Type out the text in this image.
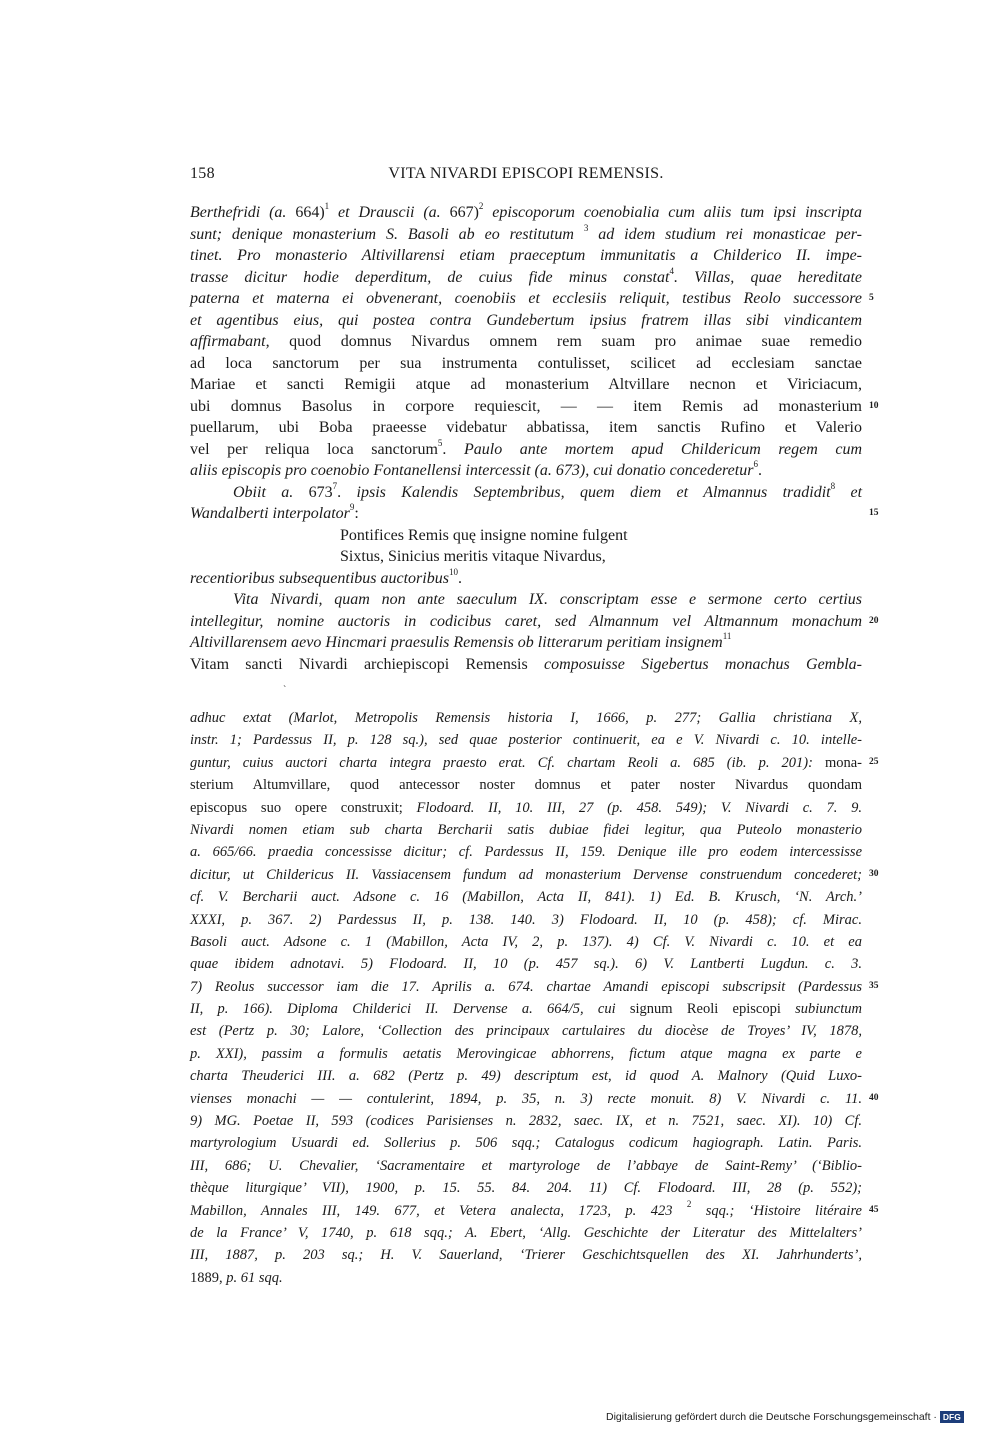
158	VITA NIVARDI EPISCOPI REMENSIS.
Berthefridi (a. 664)$^1$ et Drauscii (a. 667)$^2$ episcoporum coenobialia cum aliis tum ipsi inscripta
sunt; denique monasterium S. Basoli ab eo restitutum $^3$ ad idem studium rei monasticae per-
tinet. Pro monasterio Altivillarensi etiam praeceptum immunitatis a Childerico II. impe-
trasse dicitur hodie deperditum, de cuius fide minus constat$^4$. Villas, quae hereditate
paterna et materna ei obvenerant, coenobiis et ecclesiis reliquit, testibus Reolo successore
et agentibus eius, qui postea contra Gundebertum ipsius fratrem illas sibi vindicantem
affirmabant, quod domnus Nivardus omnem rem suam pro animae suae remedio
ad loca sanctorum per sua instrumenta contulisset, scilicet ad ecclesiam sanctae
Mariae et sancti Remigii atque ad monasterium Altvillare necnon et Viriciacum,
ubi domnus Basolus in corpore requiescit, — — item Remis ad monasterium
puellarum, ubi Boba praeesse videbatur abbatissa, item sanctis Rufino et Valerio
vel per reliqua loca sanctorum$^5$. Paulo ante mortem apud Childericum regem cum
aliis episcopis pro coenobio Fontanellensi intercessit (a. 673), cui donatio concederetur$^6$.
Obiit a. $673^7$. ipsis Kalendis Septembribus, quem diem et Almannus tradidit$^8$ et
Wandalberti interpolator$^9$:
Pontifices Remis quę insigne nomine fulgent
Sixtus, Sinicius meritis vitaque Nivardus,
recentioribus subsequentibus auctoribus$^{10}$.
Vita Nivardi, quam non ante saeculum IX. conscriptam esse e sermone certo certius
intellegitur, nomine auctoris in codicibus caret, sed Almannum vel Altmannum monachum
Altivillarensem aevo Hincmari praesulis Remensis ob litterarum peritiam insignem$^{11}$
Vitam sancti Nivardi archiepiscopi Remensis composuisse Sigebertus monachus Gembla-
ˋ
adhuc extat (Marlot, Metropolis Remensis historia I, 1666, p. 277; Gallia christiana X,
instr. 1; Pardessus II, p. 128 sq.), sed quae posterior continuerit, ea e V. Nivardi c. 10. intelle-
guntur, cuius auctori charta integra praesto erat. Cf. chartam Reoli a. 685 (ib. p. 201): mona-
sterium Altumvillare, quod antecessor noster domnus et pater noster Nivardus quondam
episcopus suo opere construxit; Flodoard. II, 10. III, 27 (p. 458. 549); V. Nivardi c. 7. 9.
Nivardi nomen etiam sub charta Bercharii satis dubiae fidei legitur, qua Puteolo monasterio
a. 665/66. praedia concessisse dicitur; cf. Pardessus II, 159. Denique ille pro eodem intercessisse
dicitur, ut Childericus II. Vassiacensem fundum ad monasterium Dervense construendum concederet;
cf. V. Bercharii auct. Adsone c. 16 (Mabillon, Acta II, 841). 1) Ed. B. Krusch, ‘N. Arch.’
XXXI, p. 367. 2) Pardessus II, p. 138. 140. 3) Flodoard. II, 10 (p. 458); cf. Mirac.
Basoli auct. Adsone c. 1 (Mabillon, Acta IV, 2, p. 137). 4) Cf. V. Nivardi c. 10. et ea
quae ibidem adnotavi. 5) Flodoard. II, 10 (p. 457 sq.). 6) V. Lantberti Lugdun. c. 3.
7) Reolus successor iam die 17. Aprilis a. 674. chartae Amandi episcopi subscripsit (Pardessus
II, p. 166). Diploma Childerici II. Dervense a. 664/5, cui signum Reoli episcopi subiunctum
est (Pertz p. 30; Lalore, ‘Collection des principaux cartulaires du diocèse de Troyes’ IV, 1878,
p. XXI), passim a formulis aetatis Merovingicae abhorrens, fictum atque magna ex parte e
charta Theuderici III. a. 682 (Pertz p. 49) descriptum est, id quod A. Malnory (Quid Luxo-
vienses monachi — — contulerint, 1894, p. 35, n. 3) recte monuit. 8) V. Nivardi c. 11.
9) MG. Poetae II, 593 (codices Parisienses n. 2832, saec. IX, et n. 7521, saec. XI). 10) Cf.
martyrologium Usuardi ed. Sollerius p. 506 sqq.; Catalogus codicum hagiograph. Latin. Paris.
III, 686; U. Chevalier, ‘Sacramentaire et martyrologe de l’abbaye de Saint-Remy’ (‘Biblio-
thèque liturgique’ VII), 1900, p. 15. 55. 84. 204. 11) Cf. Flodoard. III, 28 (p. 552);
Mabillon, Annales III, 149. 677, et Vetera analecta, 1723, p. 423 $^2$ sqq.; ‘Histoire litéraire
de la France’ V, 1740, p. 618 sqq.; A. Ebert, ‘Allg. Geschichte der Literatur des Mittelalters’
III, 1887, p. 203 sq.; H. V. Sauerland, ‘Trierer Geschichtsquellen des XI. Jahrhunderts’,
1889, p. 61 sqq.
5
10
15
20
25
30
35
40
45
Digitalisierung gefördert durch die Deutsche Forschungsgemeinschaft · DFG
